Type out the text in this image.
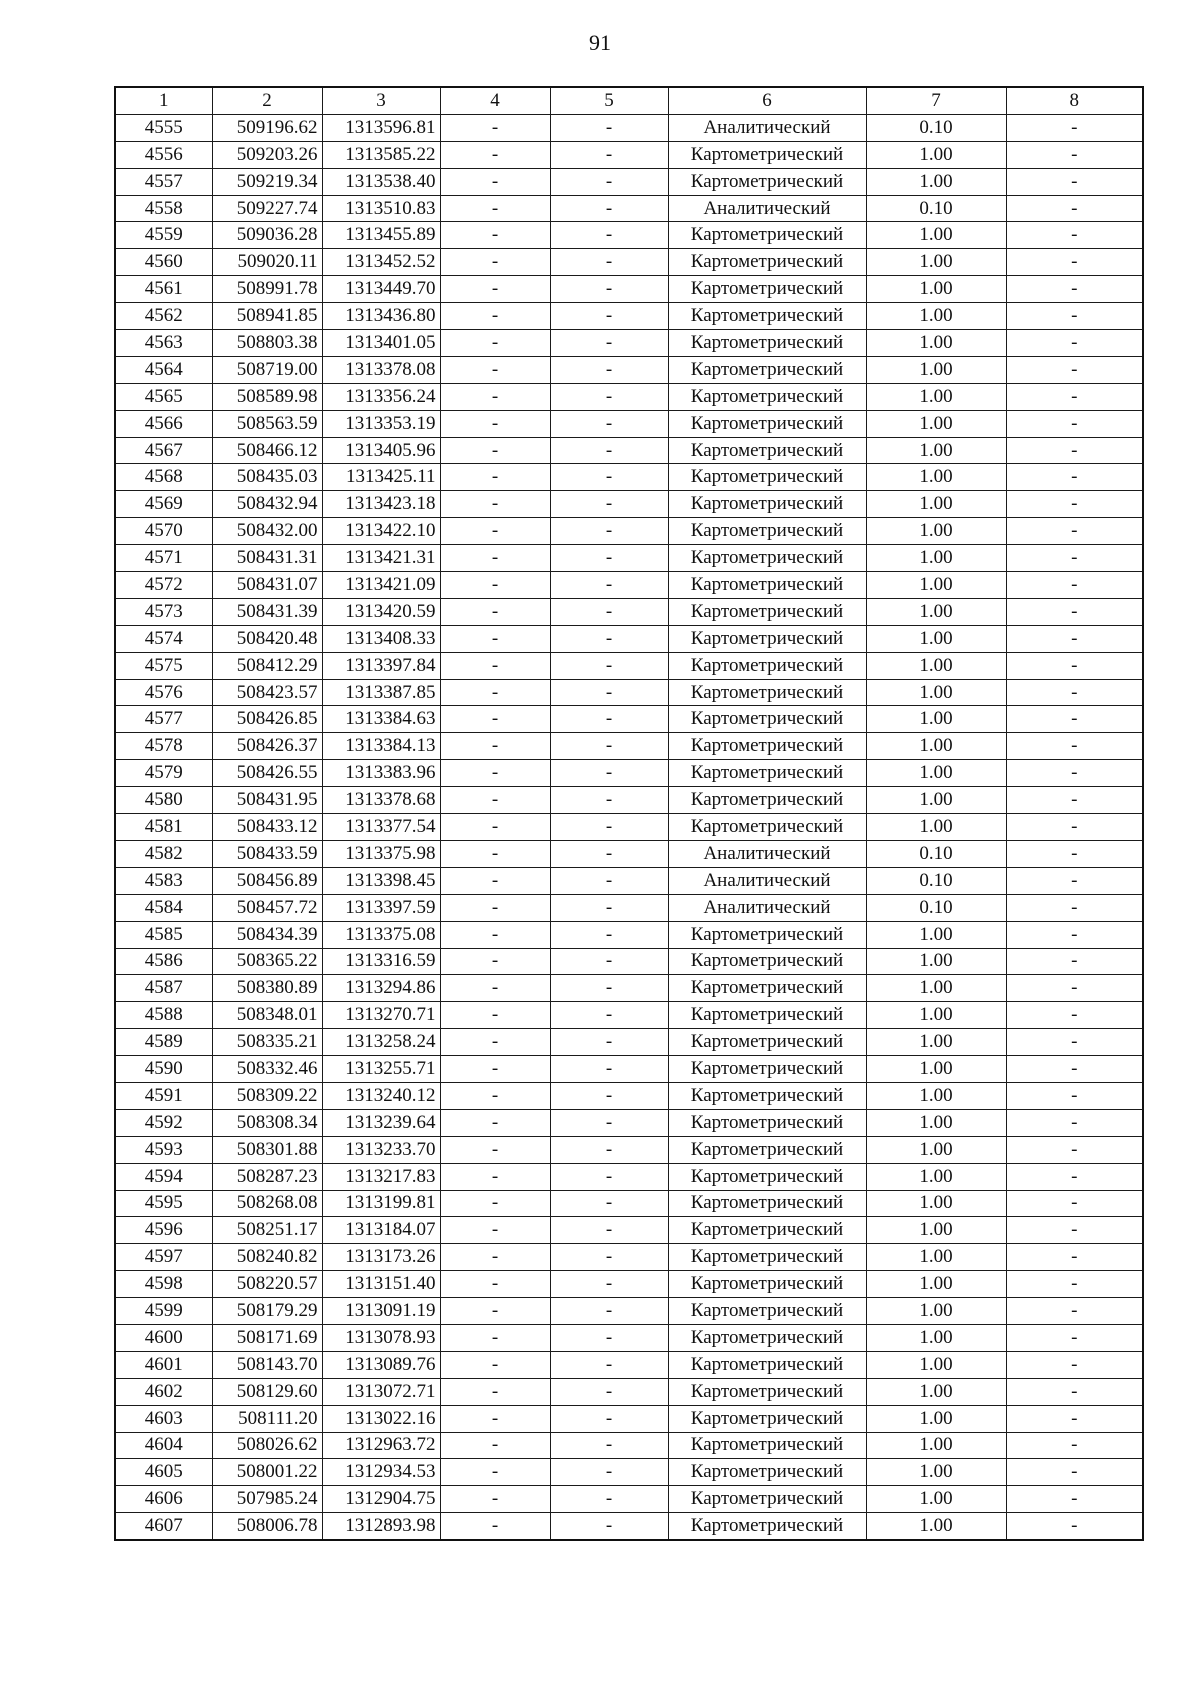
91
1	2	3	4	5	6	7	8
4555	509196.62	1313596.81	-	-	Аналитический	0.10	-
4556	509203.26	1313585.22	-	-	Картометрический	1.00	-
4557	509219.34	1313538.40	-	-	Картометрический	1.00	-
4558	509227.74	1313510.83	-	-	Аналитический	0.10	-
4559	509036.28	1313455.89	-	-	Картометрический	1.00	-
4560	509020.11	1313452.52	-	-	Картометрический	1.00	-
4561	508991.78	1313449.70	-	-	Картометрический	1.00	-
4562	508941.85	1313436.80	-	-	Картометрический	1.00	-
4563	508803.38	1313401.05	-	-	Картометрический	1.00	-
4564	508719.00	1313378.08	-	-	Картометрический	1.00	-
4565	508589.98	1313356.24	-	-	Картометрический	1.00	-
4566	508563.59	1313353.19	-	-	Картометрический	1.00	-
4567	508466.12	1313405.96	-	-	Картометрический	1.00	-
4568	508435.03	1313425.11	-	-	Картометрический	1.00	-
4569	508432.94	1313423.18	-	-	Картометрический	1.00	-
4570	508432.00	1313422.10	-	-	Картометрический	1.00	-
4571	508431.31	1313421.31	-	-	Картометрический	1.00	-
4572	508431.07	1313421.09	-	-	Картометрический	1.00	-
4573	508431.39	1313420.59	-	-	Картометрический	1.00	-
4574	508420.48	1313408.33	-	-	Картометрический	1.00	-
4575	508412.29	1313397.84	-	-	Картометрический	1.00	-
4576	508423.57	1313387.85	-	-	Картометрический	1.00	-
4577	508426.85	1313384.63	-	-	Картометрический	1.00	-
4578	508426.37	1313384.13	-	-	Картометрический	1.00	-
4579	508426.55	1313383.96	-	-	Картометрический	1.00	-
4580	508431.95	1313378.68	-	-	Картометрический	1.00	-
4581	508433.12	1313377.54	-	-	Картометрический	1.00	-
4582	508433.59	1313375.98	-	-	Аналитический	0.10	-
4583	508456.89	1313398.45	-	-	Аналитический	0.10	-
4584	508457.72	1313397.59	-	-	Аналитический	0.10	-
4585	508434.39	1313375.08	-	-	Картометрический	1.00	-
4586	508365.22	1313316.59	-	-	Картометрический	1.00	-
4587	508380.89	1313294.86	-	-	Картометрический	1.00	-
4588	508348.01	1313270.71	-	-	Картометрический	1.00	-
4589	508335.21	1313258.24	-	-	Картометрический	1.00	-
4590	508332.46	1313255.71	-	-	Картометрический	1.00	-
4591	508309.22	1313240.12	-	-	Картометрический	1.00	-
4592	508308.34	1313239.64	-	-	Картометрический	1.00	-
4593	508301.88	1313233.70	-	-	Картометрический	1.00	-
4594	508287.23	1313217.83	-	-	Картометрический	1.00	-
4595	508268.08	1313199.81	-	-	Картометрический	1.00	-
4596	508251.17	1313184.07	-	-	Картометрический	1.00	-
4597	508240.82	1313173.26	-	-	Картометрический	1.00	-
4598	508220.57	1313151.40	-	-	Картометрический	1.00	-
4599	508179.29	1313091.19	-	-	Картометрический	1.00	-
4600	508171.69	1313078.93	-	-	Картометрический	1.00	-
4601	508143.70	1313089.76	-	-	Картометрический	1.00	-
4602	508129.60	1313072.71	-	-	Картометрический	1.00	-
4603	508111.20	1313022.16	-	-	Картометрический	1.00	-
4604	508026.62	1312963.72	-	-	Картометрический	1.00	-
4605	508001.22	1312934.53	-	-	Картометрический	1.00	-
4606	507985.24	1312904.75	-	-	Картометрический	1.00	-
4607	508006.78	1312893.98	-	-	Картометрический	1.00	-
